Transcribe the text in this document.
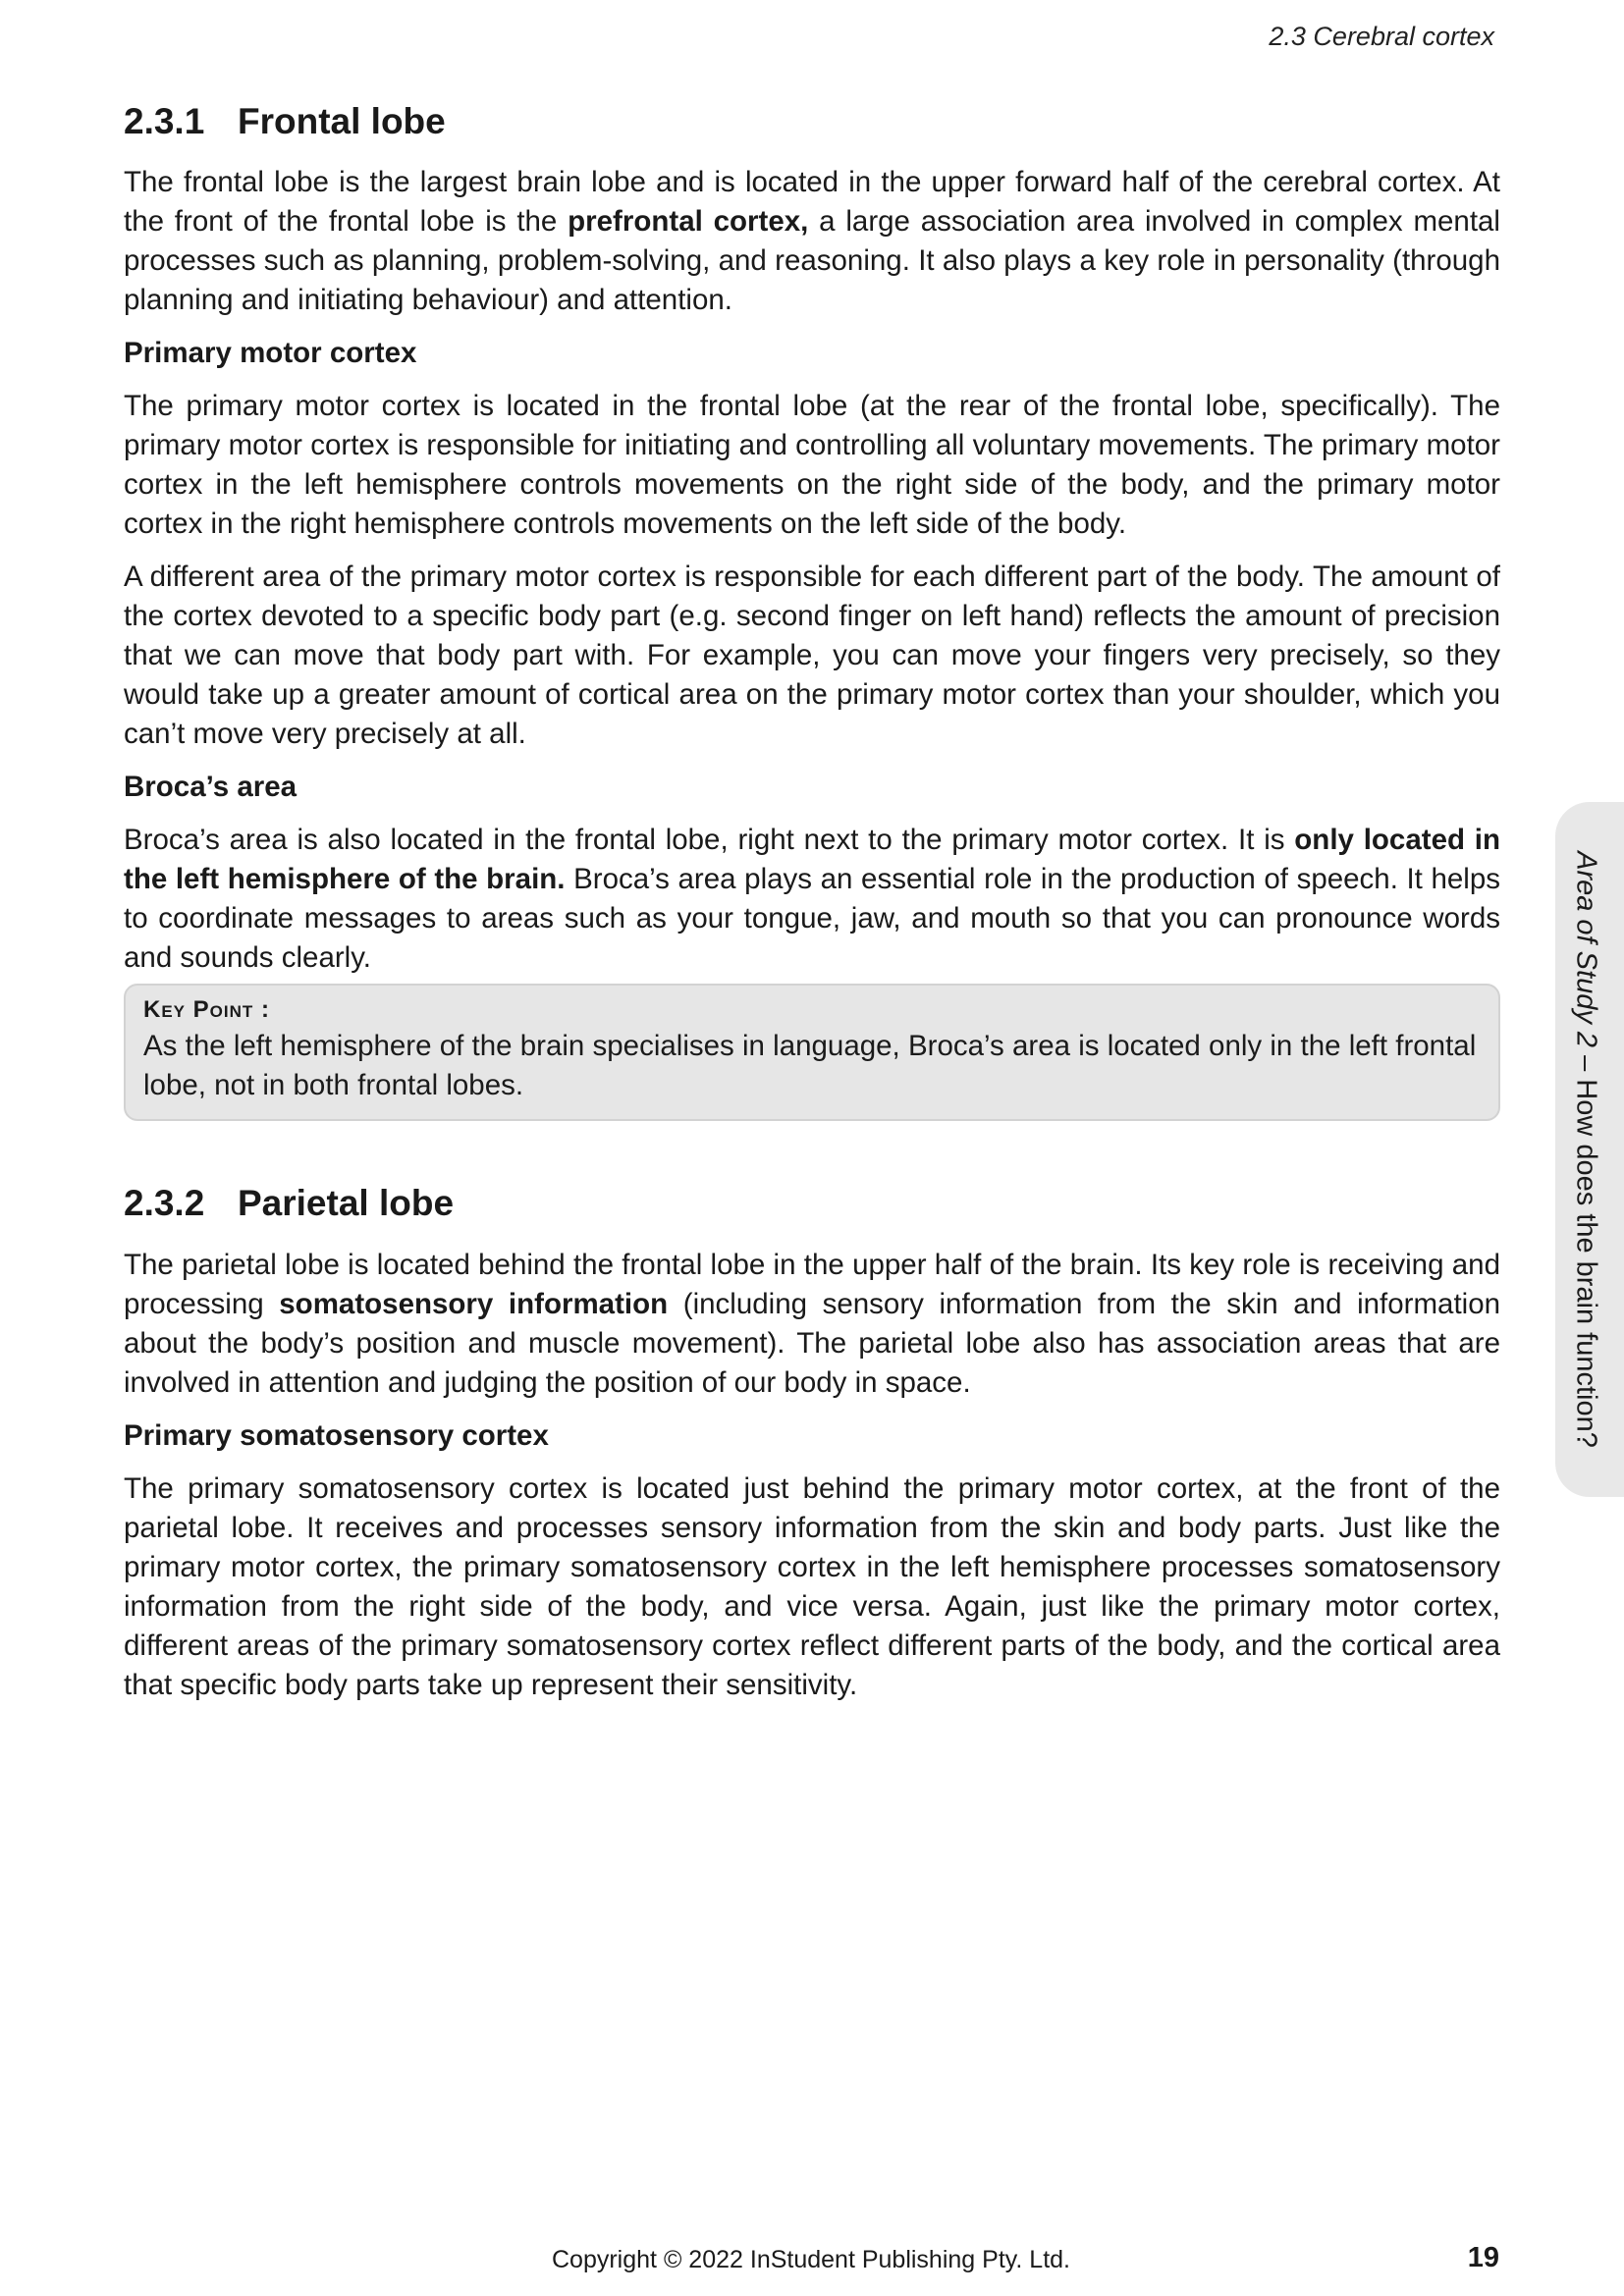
2.3 Cerebral cortex
2.3.1 Frontal lobe

The frontal lobe is the largest brain lobe and is located in the upper forward half of the cerebral cortex. At the front of the frontal lobe is the prefrontal cortex, a large association area involved in complex mental processes such as planning, problem-solving, and reasoning. It also plays a key role in personality (through planning and initiating behaviour) and attention.

Primary motor cortex

The primary motor cortex is located in the frontal lobe (at the rear of the frontal lobe, specifically). The primary motor cortex is responsible for initiating and controlling all voluntary movements. The primary motor cortex in the left hemisphere controls movements on the right side of the body, and the primary motor cortex in the right hemisphere controls movements on the left side of the body.

A different area of the primary motor cortex is responsible for each different part of the body. The amount of the cortex devoted to a specific body part (e.g. second finger on left hand) reflects the amount of precision that we can move that body part with. For example, you can move your fingers very precisely, so they would take up a greater amount of cortical area on the primary motor cortex than your shoulder, which you can’t move very precisely at all.

Broca’s area

Broca’s area is also located in the frontal lobe, right next to the primary motor cortex. It is only located in the left hemisphere of the brain. Broca’s area plays an essential role in the production of speech. It helps to coordinate messages to areas such as your tongue, jaw, and mouth so that you can pronounce words and sounds clearly.

Key Point :
As the left hemisphere of the brain specialises in language, Broca’s area is located only in the left frontal lobe, not in both frontal lobes.
2.3.2 Parietal lobe

The parietal lobe is located behind the frontal lobe in the upper half of the brain. Its key role is receiving and processing somatosensory information (including sensory information from the skin and information about the body’s position and muscle movement). The parietal lobe also has association areas that are involved in attention and judging the position of our body in space.

Primary somatosensory cortex

The primary somatosensory cortex is located just behind the primary motor cortex, at the front of the parietal lobe. It receives and processes sensory information from the skin and body parts. Just like the primary motor cortex, the primary somatosensory cortex in the left hemisphere processes somatosensory information from the right side of the body, and vice versa. Again, just like the primary motor cortex, different areas of the primary somatosensory cortex reflect different parts of the body, and the cortical area that specific body parts take up represent their sensitivity.

Area of Study 2 – How does the brain function?
Copyright © 2022 InStudent Publishing Pty. Ltd.	19
